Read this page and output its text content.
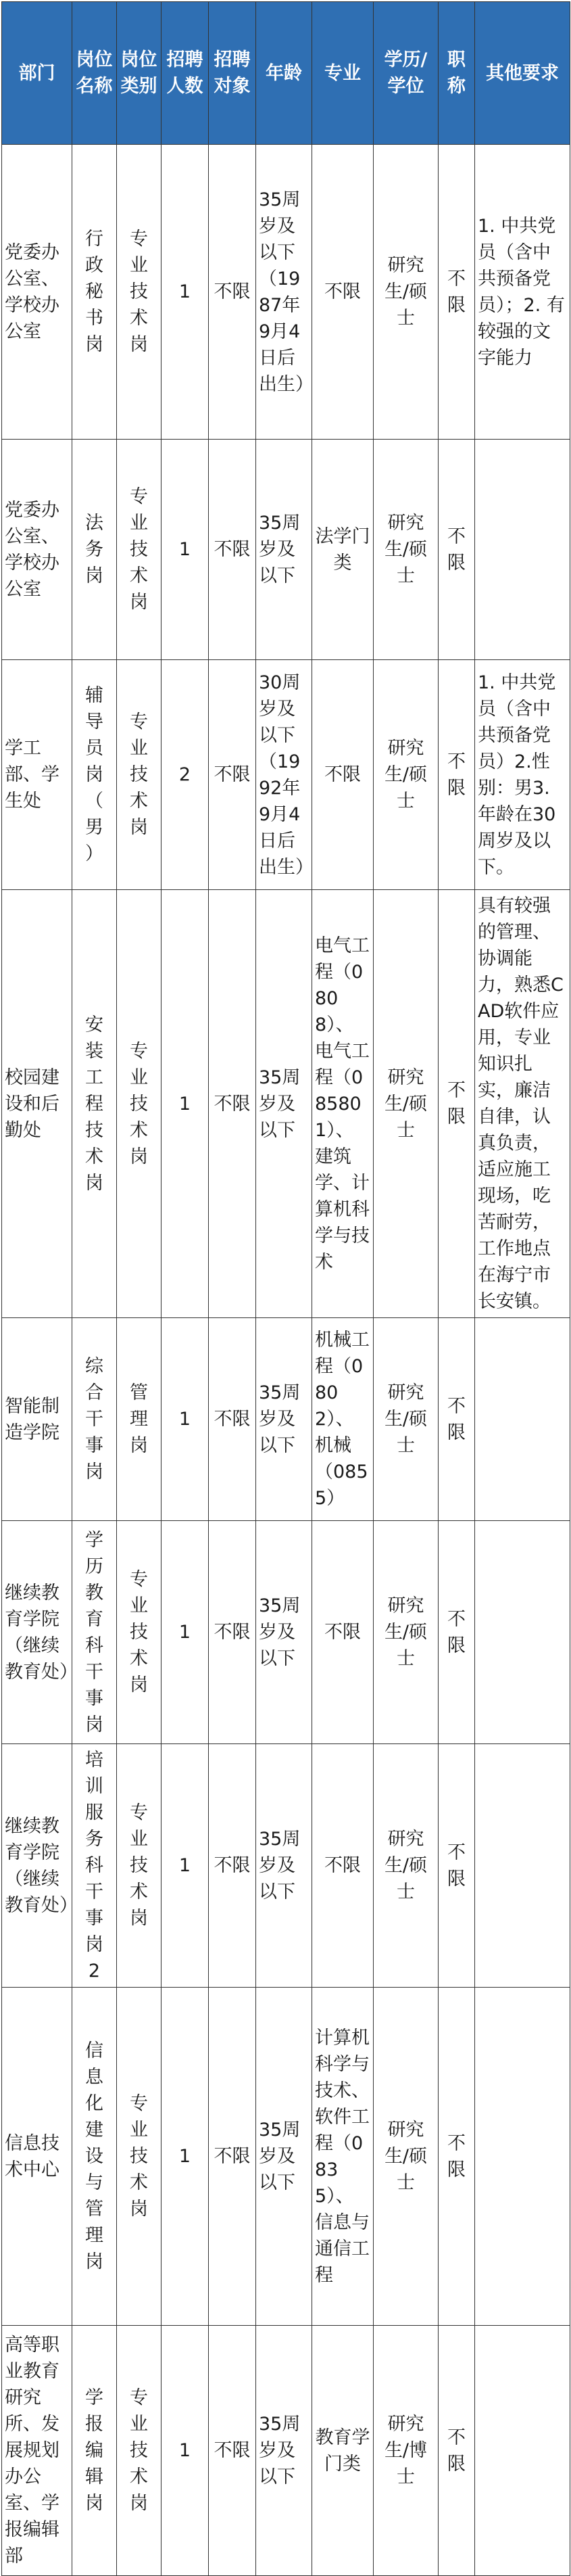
部门	岗位名称	岗位类别	招聘人数	招聘对象	年龄	专业	学历/学位	职称	其他要求
党委办公室、学校办公室	行政秘书岗	专业技术岗	1	不限	35周岁及以下（1987年9月4日后出生）	不限	研究生/硕士	不限	1. 中共党员（含中共预备党员）；2. 有较强的文字能力
党委办公室、学校办公室	法务岗	专业技术岗	1	不限	35周岁及以下	法学门类	研究生/硕士	不限	
学工部、学生处	辅导员岗（男）	专业技术岗	2	不限	30周岁及以下（1992年9月4日后出生）	不限	研究生/硕士	不限	1. 中共党员（含中共预备党员）2.性别：男3.年龄在30周岁及以下。
校园建设和后勤处	安装工程技术岗	专业技术岗	1	不限	35周岁及以下	电气工程（0808）、电气工程（085801）、建筑学、计算机科学与技术	研究生/硕士	不限	具有较强的管理、协调能力，熟悉CAD软件应用，专业知识扎实，廉洁自律，认真负责，适应施工现场，吃苦耐劳，工作地点在海宁市长安镇。
智能制造学院	综合干事岗	管理岗	1	不限	35周岁及以下	机械工程（0802）、机械（0855）	研究生/硕士	不限	
继续教育学院（继续教育处）	学历教育科干事岗	专业技术岗	1	不限	35周岁及以下	不限	研究生/硕士	不限	
继续教育学院（继续教育处）	培训服务科干事岗2	专业技术岗	1	不限	35周岁及以下	不限	研究生/硕士	不限	
信息技术中心	信息化建设与管理岗	专业技术岗	1	不限	35周岁及以下	计算机科学与技术、软件工程（0835）、信息与通信工程	研究生/硕士	不限	
高等职业教育研究所、发展规划办公室、学报编辑部	学报编辑岗	专业技术岗	1	不限	35周岁及以下	教育学门类	研究生/博士	不限	
